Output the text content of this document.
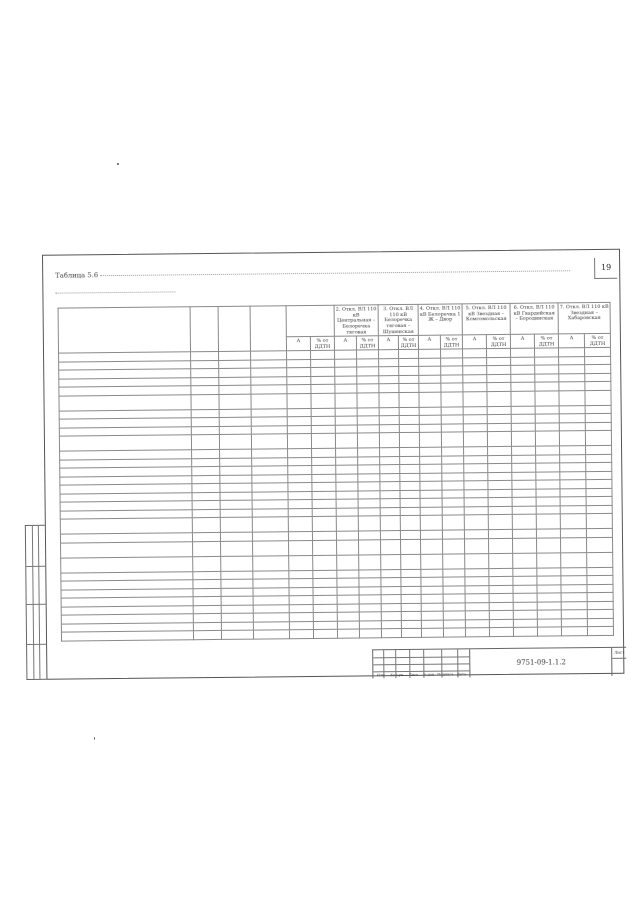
19
Таблица 5.6

						2. Откл. ВЛ 110 кВ Центральная – Белоречка тяговая		3. Откл. ВЛ 110 кВ Белоречка тяговая – Шушенская		4. Откл. ВЛ 110 кВ Белоречка 1 Ж – Двор		5. Откл. ВЛ 110 кВ Звездная – Комсомольская		6. Откл. ВЛ 110 кВ Гвардейская – Бородинская		7. Откл. ВЛ 110 кВ Звездная – Хабаровская	
				А	% от ДДТН	А	% от ДДТН	А	% от ДДТН	А	% от ДДТН	А	% от ДДТН	А	% от ДДТН	А	% от ДДТН

Изм.	Кол.уч.	Лист	№ док. Подпись Дата
9751-09-1.1.2
Лист
